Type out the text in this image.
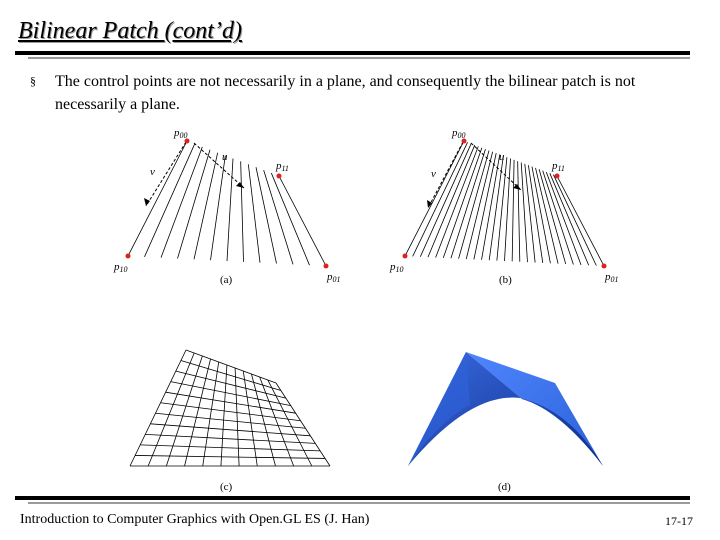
Bilinear Patch (cont’d)
§ The control points are not necessarily in a plane, and consequently the bilinear patch is not necessarily a plane.
p00
p11
p10
p01
u
v
(a)
p00
p11
p10
p01
u
v
(b)
(c)	(d)
Introduction to Computer Graphics with Open.GL ES (J. Han)	17-17
